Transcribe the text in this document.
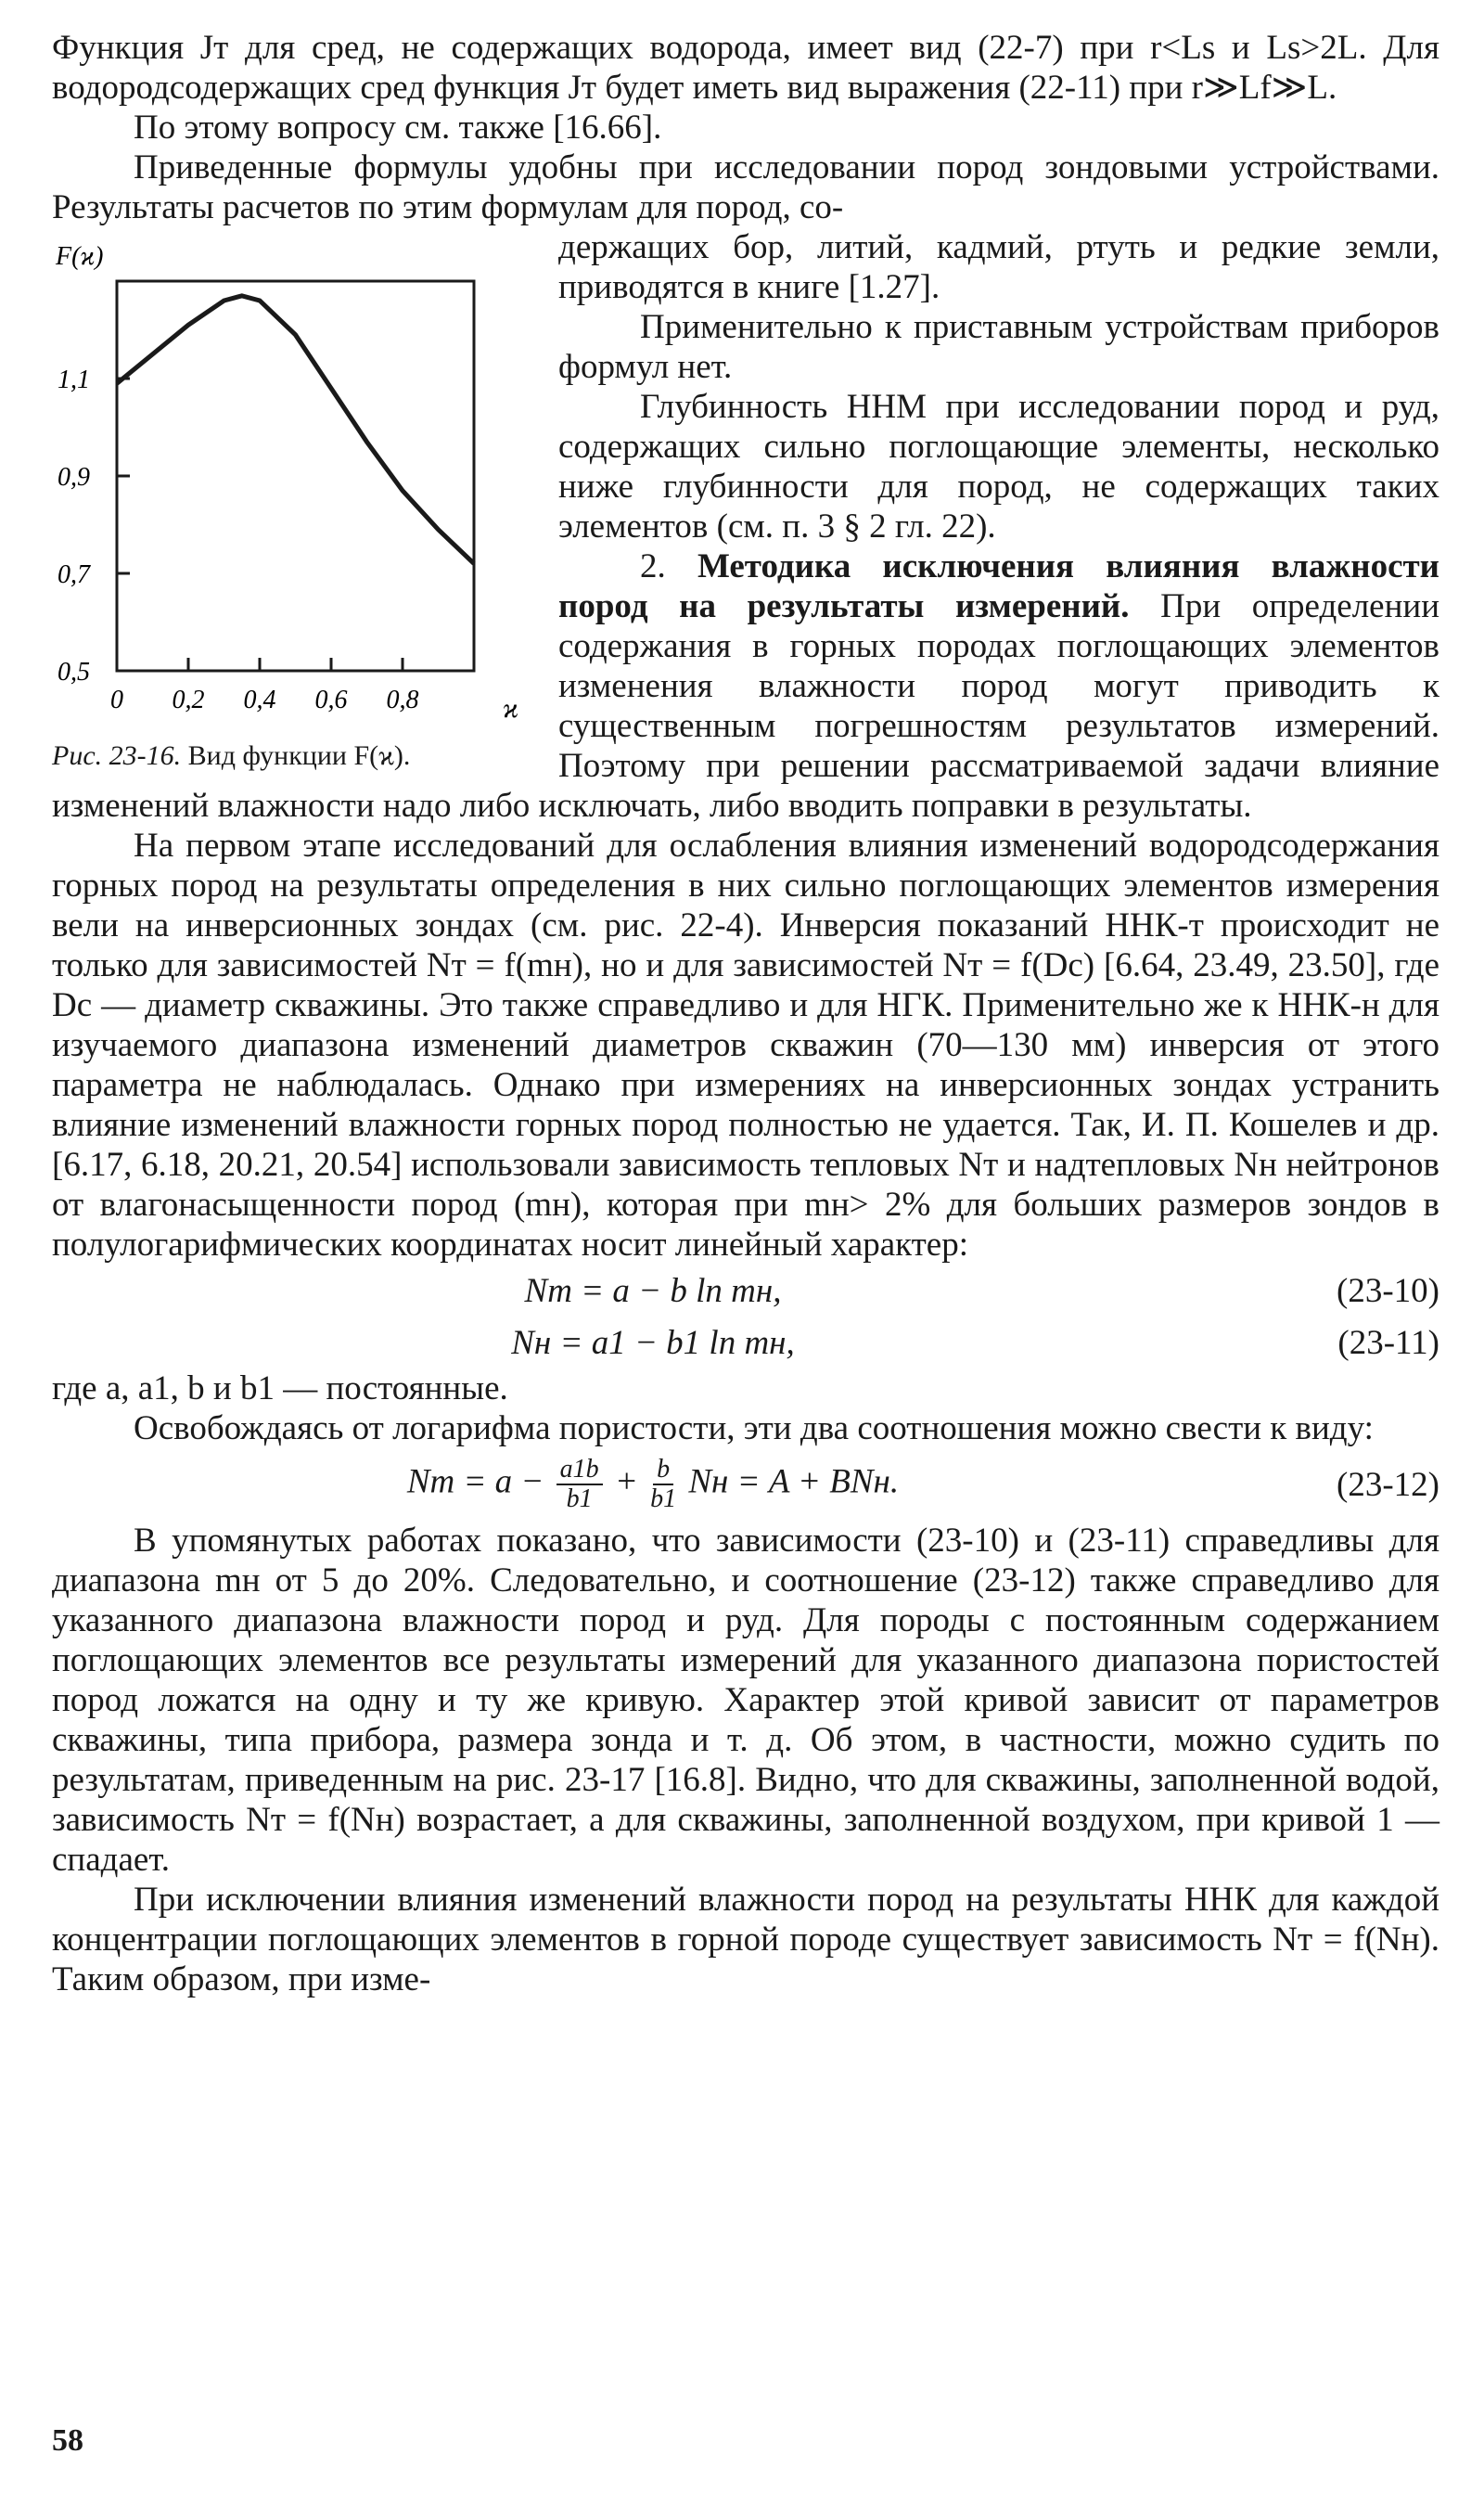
Функция Jт для сред, не содержащих водорода, имеет вид (22-7) при r<Ls и Ls>2L. Для водородсодержащих сред функция Jт будет иметь вид выражения (22-11) при r≫Lf≫L.

По этому вопросу см. также [16.66].

Приведенные формулы удобны при исследовании пород зондовыми устройствами. Результаты расчетов по этим формулам для пород, со-

0,5
0,7
0,9
1,1
0 0,2 0,4 0,6 0,8
F(ϰ)
ϰ
Рис. 23-16. Вид функции F(ϰ).

держащих бор, литий, кадмий, ртуть и редкие земли, приводятся в книге [1.27].

Применительно к приставным устройствам приборов формул нет.

Глубинность ННМ при исследовании пород и руд, содержащих сильно поглощающие элементы, несколько ниже глубинности для пород, не содержащих таких элементов (см. п. 3 § 2 гл. 22).

2. Методика исключения влияния влажности пород на результаты измерений. При определении содержания в горных породах поглощающих элементов изменения влажности пород могут приводить к существенным погрешностям результатов измерений. Поэтому при решении рассматриваемой задачи влияние изменений влажности надо либо исключать, либо вводить поправки в результаты.

На первом этапе исследований для ослабления влияния изменений водородсодержания горных пород на результаты определения в них сильно поглощающих элементов измерения вели на инверсионных зондах (см. рис. 22-4). Инверсия показаний ННК-т происходит не только для зависимостей Nт = f(mн), но и для зависимостей Nт = f(Dс) [6.64, 23.49, 23.50], где Dс — диаметр скважины. Это также справедливо и для НГК. Применительно же к ННК-н для изучаемого диапазона изменений диаметров скважин (70—130 мм) инверсия от этого параметра не наблюдалась. Однако при измерениях на инверсионных зондах устранить влияние изменений влажности горных пород полностью не удается. Так, И. П. Кошелев и др. [6.17, 6.18, 20.21, 20.54] использовали зависимость тепловых Nт и надтепловых Nн нейтронов от влагонасыщенности пород (mн), которая при mн> 2% для больших размеров зондов в полулогарифмических координатах носит линейный характер:

Nт = a − b ln mн,	(23-10)
Nн = a1 − b1 ln mн,	(23-11)

где a, a1, b и b1 — постоянные.

Освобождаясь от логарифма пористости, эти два соотношения можно свести к виду:

Nт = $a - \frac{a1b}{b1} + \frac{b}{b1}$ Nн = A + BNн.	(23-12)

В упомянутых работах показано, что зависимости (23-10) и (23-11) справедливы для диапазона mн от 5 до 20%. Следовательно, и соотношение (23-12) также справедливо для указанного диапазона влажности пород и руд. Для породы с постоянным содержанием поглощающих элементов все результаты измерений для указанного диапазона пористостей пород ложатся на одну и ту же кривую. Характер этой кривой зависит от параметров скважины, типа прибора, размера зонда и т. д. Об этом, в частности, можно судить по результатам, приведенным на рис. 23-17 [16.8]. Видно, что для скважины, заполненной водой, зависимость Nт = f(Nн) возрастает, а для скважины, заполненной воздухом, при кривой 1 — спадает.

При исключении влияния изменений влажности пород на результаты ННК для каждой концентрации поглощающих элементов в горной породе существует зависимость Nт = f(Nн). Таким образом, при изме-

58
